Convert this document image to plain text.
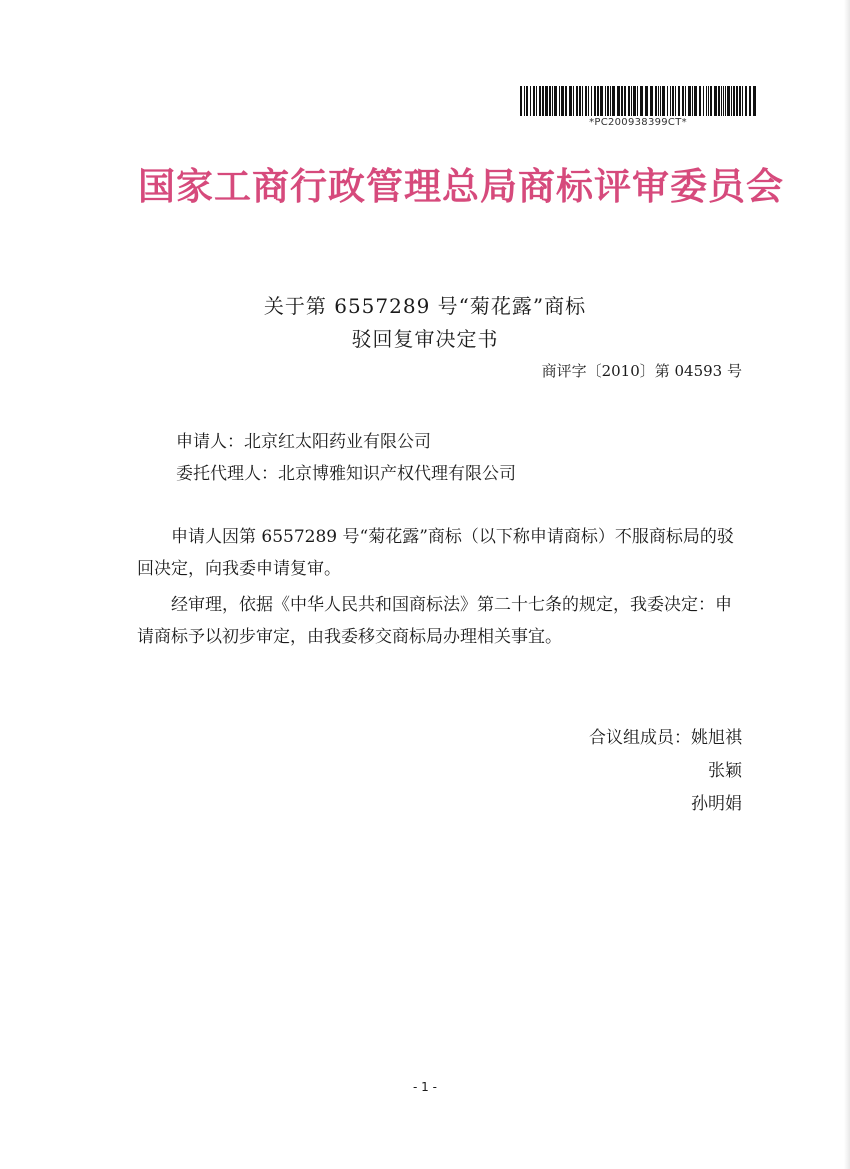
*PC200938399CT*
国家工商行政管理总局商标评审委员会
关于第 6557289 号“菊花露”商标
驳回复审决定书
商评字〔2010〕第 04593 号
申请人：北京红太阳药业有限公司
委托代理人：北京博雅知识产权代理有限公司
申请人因第 6557289 号“菊花露”商标（以下称申请商标）不服商标局的驳回决定，向我委申请复审。
经审理，依据《中华人民共和国商标法》第二十七条的规定，我委决定：申请商标予以初步审定，由我委移交商标局办理相关事宜。
合议组成员：姚旭祺
张颖
孙明娟
- 1 -
